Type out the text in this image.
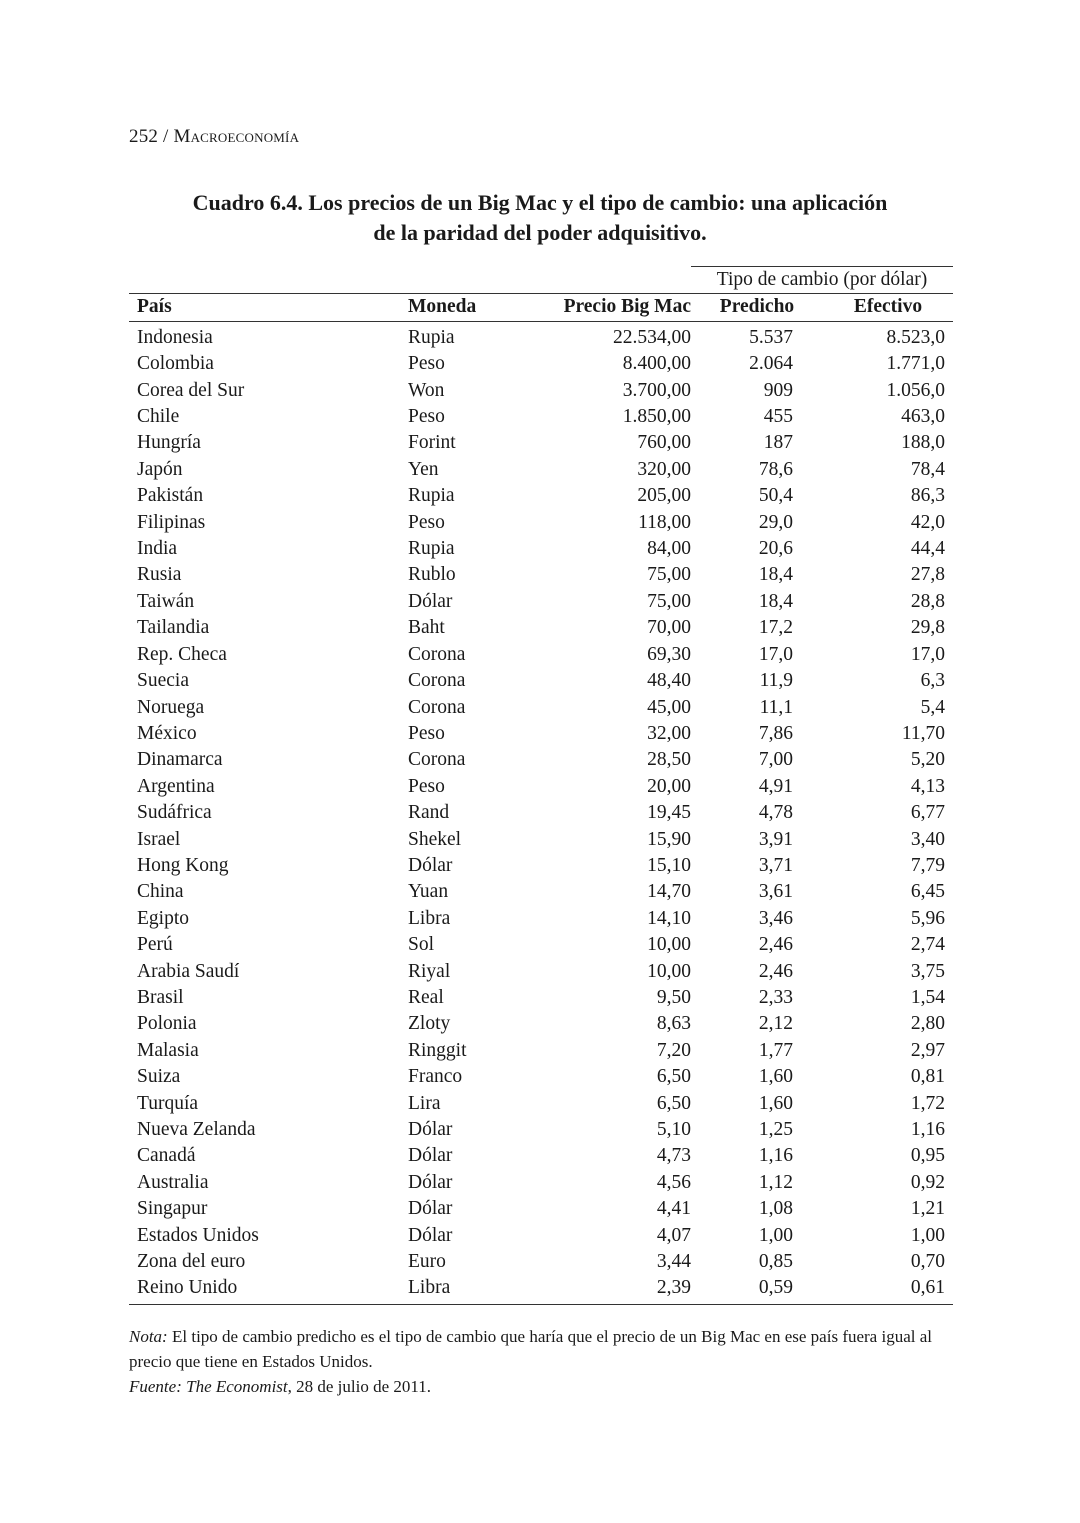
252 / Macroeconomía
Cuadro 6.4. Los precios de un Big Mac y el tipo de cambio: una aplicación
de la paridad del poder adquisitivo.
			Tipo de cambio (por dólar)	
País	Moneda	Precio Big Mac	Predicho	Efectivo
Indonesia	Rupia	22.534,00	5.537	8.523,0
Colombia	Peso	8.400,00	2.064	1.771,0
Corea del Sur	Won	3.700,00	909	1.056,0
Chile	Peso	1.850,00	455	463,0
Hungría	Forint	760,00	187	188,0
Japón	Yen	320,00	78,6	78,4
Pakistán	Rupia	205,00	50,4	86,3
Filipinas	Peso	118,00	29,0	42,0
India	Rupia	84,00	20,6	44,4
Rusia	Rublo	75,00	18,4	27,8
Taiwán	Dólar	75,00	18,4	28,8
Tailandia	Baht	70,00	17,2	29,8
Rep. Checa	Corona	69,30	17,0	17,0
Suecia	Corona	48,40	11,9	6,3
Noruega	Corona	45,00	11,1	5,4
México	Peso	32,00	7,86	11,70
Dinamarca	Corona	28,50	7,00	5,20
Argentina	Peso	20,00	4,91	4,13
Sudáfrica	Rand	19,45	4,78	6,77
Israel	Shekel	15,90	3,91	3,40
Hong Kong	Dólar	15,10	3,71	7,79
China	Yuan	14,70	3,61	6,45
Egipto	Libra	14,10	3,46	5,96
Perú	Sol	10,00	2,46	2,74
Arabia Saudí	Riyal	10,00	2,46	3,75
Brasil	Real	9,50	2,33	1,54
Polonia	Zloty	8,63	2,12	2,80
Malasia	Ringgit	7,20	1,77	2,97
Suiza	Franco	6,50	1,60	0,81
Turquía	Lira	6,50	1,60	1,72
Nueva Zelanda	Dólar	5,10	1,25	1,16
Canadá	Dólar	4,73	1,16	0,95
Australia	Dólar	4,56	1,12	0,92
Singapur	Dólar	4,41	1,08	1,21
Estados Unidos	Dólar	4,07	1,00	1,00
Zona del euro	Euro	3,44	0,85	0,70
Reino Unido	Libra	2,39	0,59	0,61

Nota: El tipo de cambio predicho es el tipo de cambio que haría que el precio de un Big Mac en ese país fuera igual al precio que tiene en Estados Unidos.

Fuente: The Economist, 28 de julio de 2011.
